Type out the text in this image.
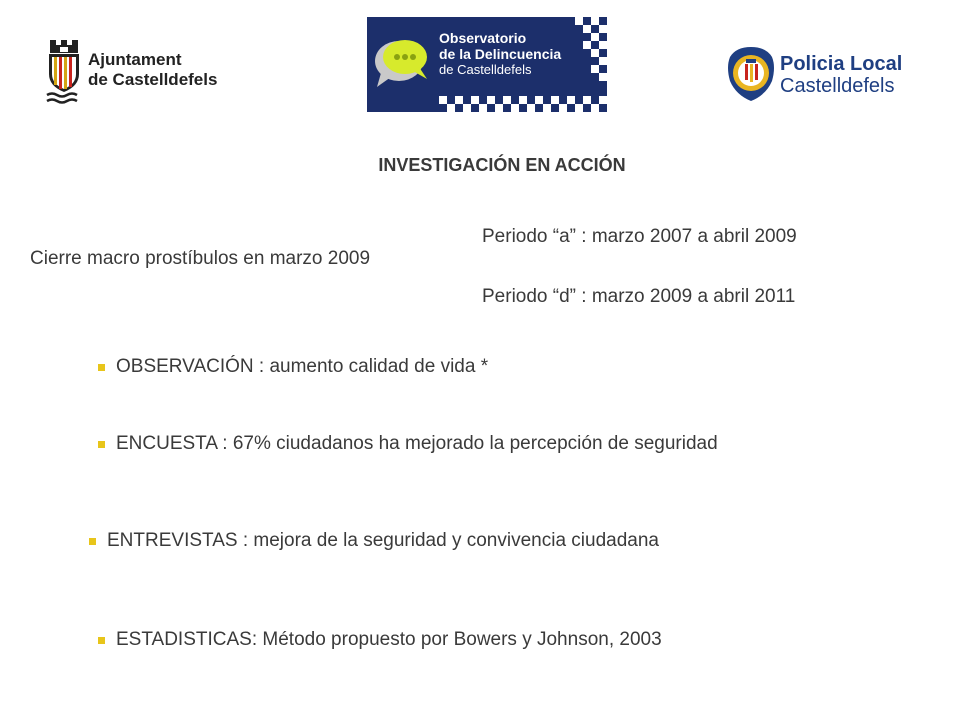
Ajuntament
de Castelldefels
Observatorio
de la Delincuencia
de Castelldefels	Policia Local
Castelldefels
INVESTIGACIÓN EN ACCIÓN
Cierre macro prostíbulos en marzo 2009
Periodo “a” : marzo 2007 a abril 2009
Periodo “d” : marzo 2009 a abril 2011
OBSERVACIÓN : aumento calidad de vida *
ENCUESTA : 67% ciudadanos ha mejorado la percepción de seguridad
ENTREVISTAS : mejora de la seguridad y convivencia ciudadana
ESTADISTICAS: Método propuesto por Bowers y Johnson, 2003
